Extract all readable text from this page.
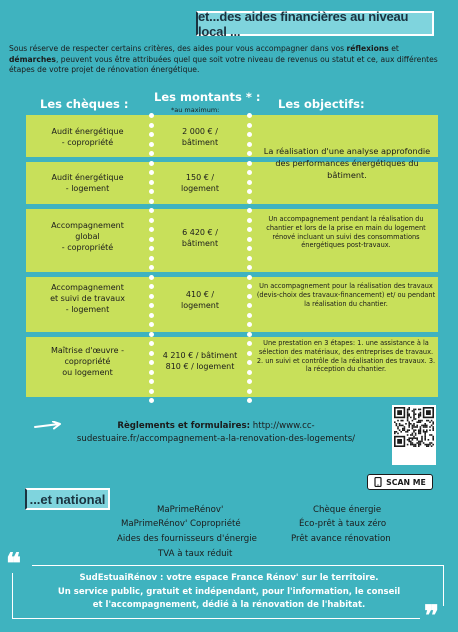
et...des aides financières au niveau local ...
Sous réserve de respecter certains critères, des aides pour vous accompagner dans vos réflexions et démarches, peuvent vous être attribuées quel que soit votre niveau de revenus ou statut et ce, aux différentes étapes de votre projet de rénovation énergétique.
Les chèques : Les montants * :
*au maximum:	Les objectifs:
Audit énergétique
- copropriété
2 000 € /
bâtiment
La réalisation d'une analyse approfondie des performances énergétiques du bâtiment.
Audit énergétique
- logement
150 € /
logement
Accompagnement
global
- copropriété
6 420 € /
bâtiment
Un accompagnement pendant la réalisation du chantier et lors de la prise en main du logement rénové incluant un suivi des consommations énergétiques post-travaux.
Accompagnement
et suivi de travaux
- logement
410 € /
logement
Un accompagnement pour la réalisation des travaux (devis-choix des travaux-financement) et/ ou pendant la réalisation du chantier.
Maîtrise d'œuvre -
copropriété
ou logement
4 210 € / bâtiment
810 € / logement
Une prestation en 3 étapes: 1. une assistance à la sélection des matériaux, des entreprises de travaux. 2. un suivi et contrôle de la réalisation des travaux. 3. la réception du chantier.
Règlements et formulaires: http://www.cc-sudestuaire.fr/accompagnement-a-la-renovation-des-logements/
SCAN ME
...et national
MaPrimeRénov'
MaPrimeRénov' Copropriété
Aides des fournisseurs d'énergie
TVA à taux réduit
Chèque énergie
Éco-prêt à taux zéro
Prêt avance rénovation
❝
❞
SudEstuaiRénov : votre espace France Rénov' sur le territoire.
Un service public, gratuit et indépendant, pour l'information, le conseil
et l'accompagnement, dédié à la rénovation de l'habitat.
